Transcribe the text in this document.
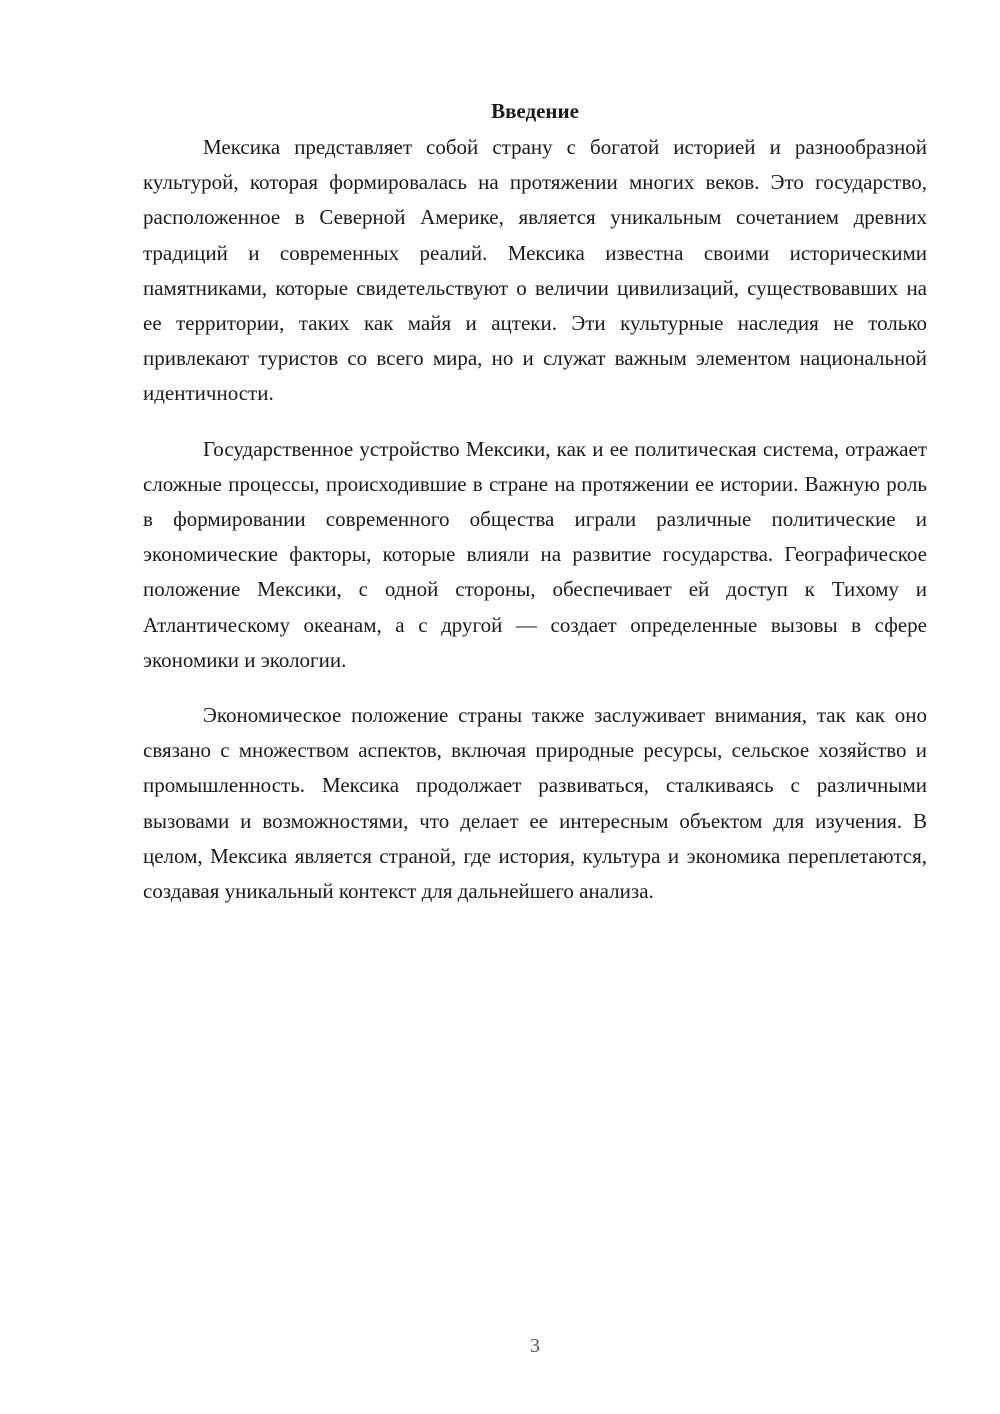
Введение

Мексика представляет собой страну с богатой историей и разнообразной культурой, которая формировалась на протяжении многих веков. Это государство, расположенное в Северной Америке, является уникальным сочетанием древних традиций и современных реалий. Мексика известна своими историческими памятниками, которые свидетельствуют о величии цивилизаций, существовавших на ее территории, таких как майя и ацтеки. Эти культурные наследия не только привлекают туристов со всего мира, но и служат важным элементом национальной идентичности.

Государственное устройство Мексики, как и ее политическая система, отражает сложные процессы, происходившие в стране на протяжении ее истории. Важную роль в формировании современного общества играли различные политические и экономические факторы, которые влияли на развитие государства. Географическое положение Мексики, с одной стороны, обеспечивает ей доступ к Тихому и Атлантическому океанам, а с другой — создает определенные вызовы в сфере экономики и экологии.

Экономическое положение страны также заслуживает внимания, так как оно связано с множеством аспектов, включая природные ресурсы, сельское хозяйство и промышленность. Мексика продолжает развиваться, сталкиваясь с различными вызовами и возможностями, что делает ее интересным объектом для изучения. В целом, Мексика является страной, где история, культура и экономика переплетаются, создавая уникальный контекст для дальнейшего анализа.

3
